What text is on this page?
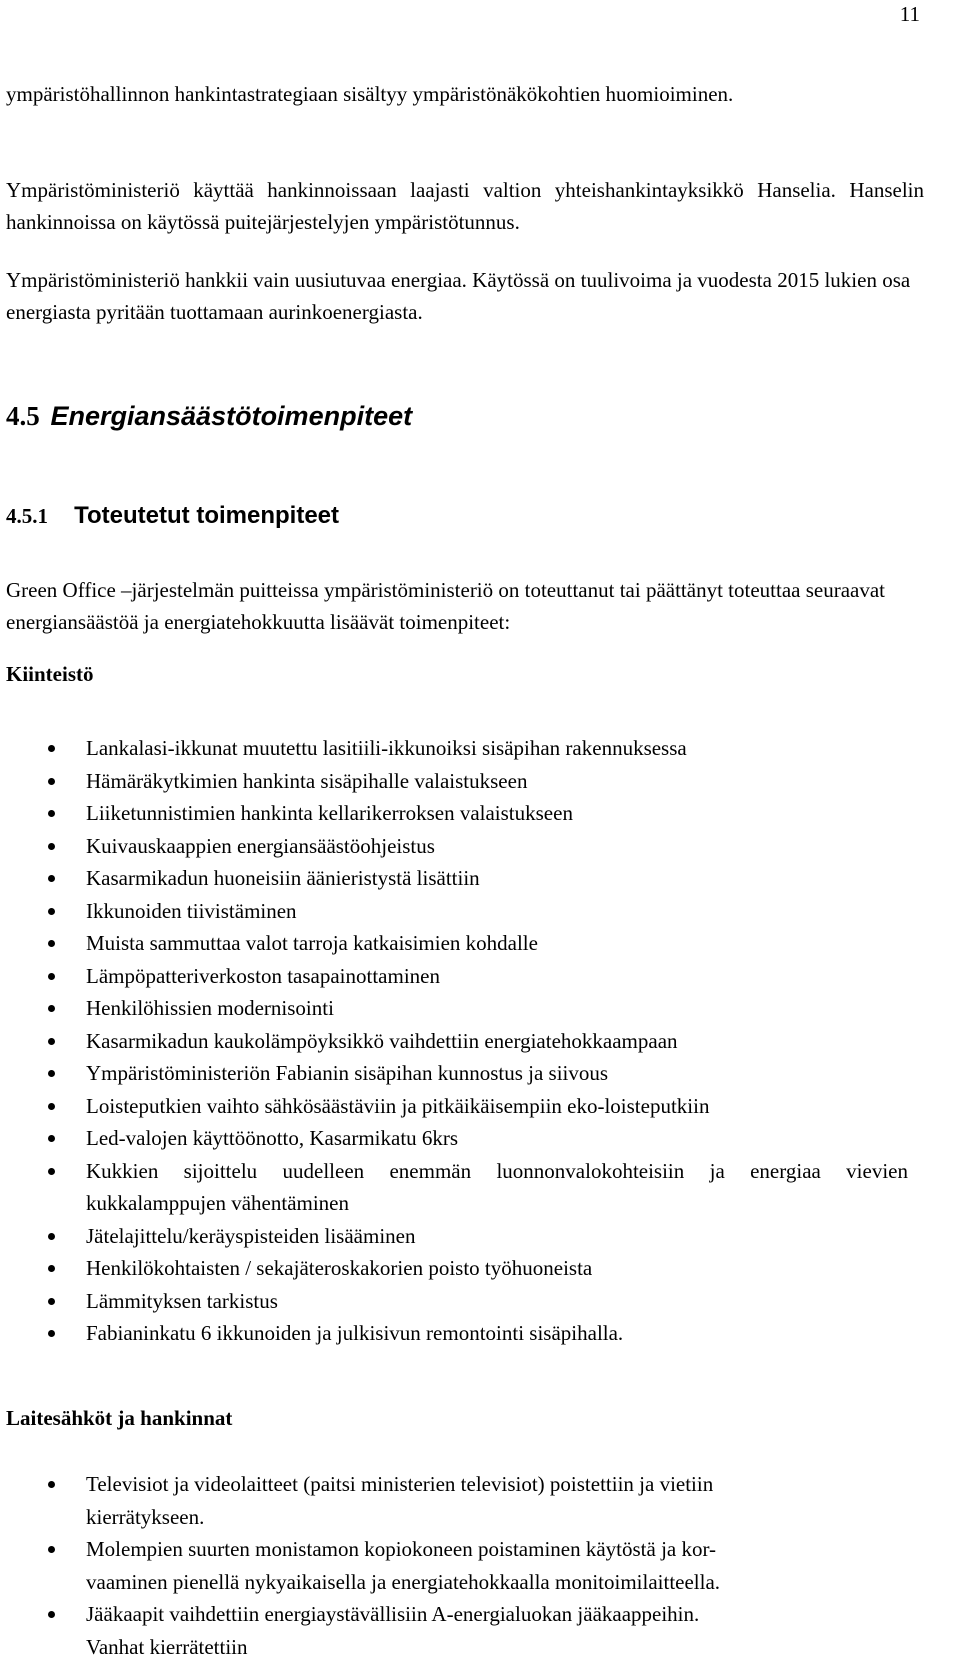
11

ympäristöhallinnon hankintastrategiaan sisältyy ympäristönäkökohtien huomioiminen.

Ympäristöministeriö käyttää hankinnoissaan laajasti valtion yhteishankintayksikkö Hanselia. Hanselin hankinnoissa on käytössä puitejärjestelyjen ympäristötunnus.

Ympäristöministeriö hankkii vain uusiutuvaa energiaa. Käytössä on tuulivoima ja vuodesta 2015 lukien osa energiasta pyritään tuottamaan aurinkoenergiasta.

4.5 Energiansäästötoimenpiteet
4.5.1 Toteutetut toimenpiteet

Green Office –järjestelmän puitteissa ympäristöministeriö on toteuttanut tai päättänyt toteuttaa seuraavat energiansäästöä ja energiatehokkuutta lisäävät toimenpiteet:

Kiinteistö
Lankalasi-ikkunat muutettu lasitiili-ikkunoiksi sisäpihan rakennuksessa
Hämäräkytkimien hankinta sisäpihalle valaistukseen
Liiketunnistimien hankinta kellarikerroksen valaistukseen
Kuivauskaappien energiansäästöohjeistus
Kasarmikadun huoneisiin äänieristystä lisättiin
Ikkunoiden tiivistäminen
Muista sammuttaa valot tarroja katkaisimien kohdalle
Lämpöpatteriverkoston tasapainottaminen
Henkilöhissien modernisointi
Kasarmikadun kaukolämpöyksikkö vaihdettiin energiatehokkaampaan
Ympäristöministeriön Fabianin sisäpihan kunnostus ja siivous
Loisteputkien vaihto sähkösäästäviin ja pitkäikäisempiin eko-loisteputkiin
Led-valojen käyttöönotto, Kasarmikatu 6krs
Kukkien sijoittelu uudelleen enemmän luonnonvalokohteisiin ja energiaa vievien kukkalamppujen vähentäminen
Jätelajittelu/keräyspisteiden lisääminen
Henkilökohtaisten / sekajäteroskakorien poisto työhuoneista
Lämmityksen tarkistus
Fabianinkatu 6 ikkunoiden ja julkisivun remontointi sisäpihalla.
Laitesähköt ja hankinnat
Televisiot ja videolaitteet (paitsi ministerien televisiot) poistettiin ja vietiin
kierrätykseen.
Molempien suurten monistamon kopiokoneen poistaminen käytöstä ja kor-
vaaminen pienellä nykyaikaisella ja energiatehokkaalla monitoimilaitteella.
Jääkaapit vaihdettiin energiaystävällisiin A-energialuokan jääkaappeihin.
Vanhat kierrätettiin
